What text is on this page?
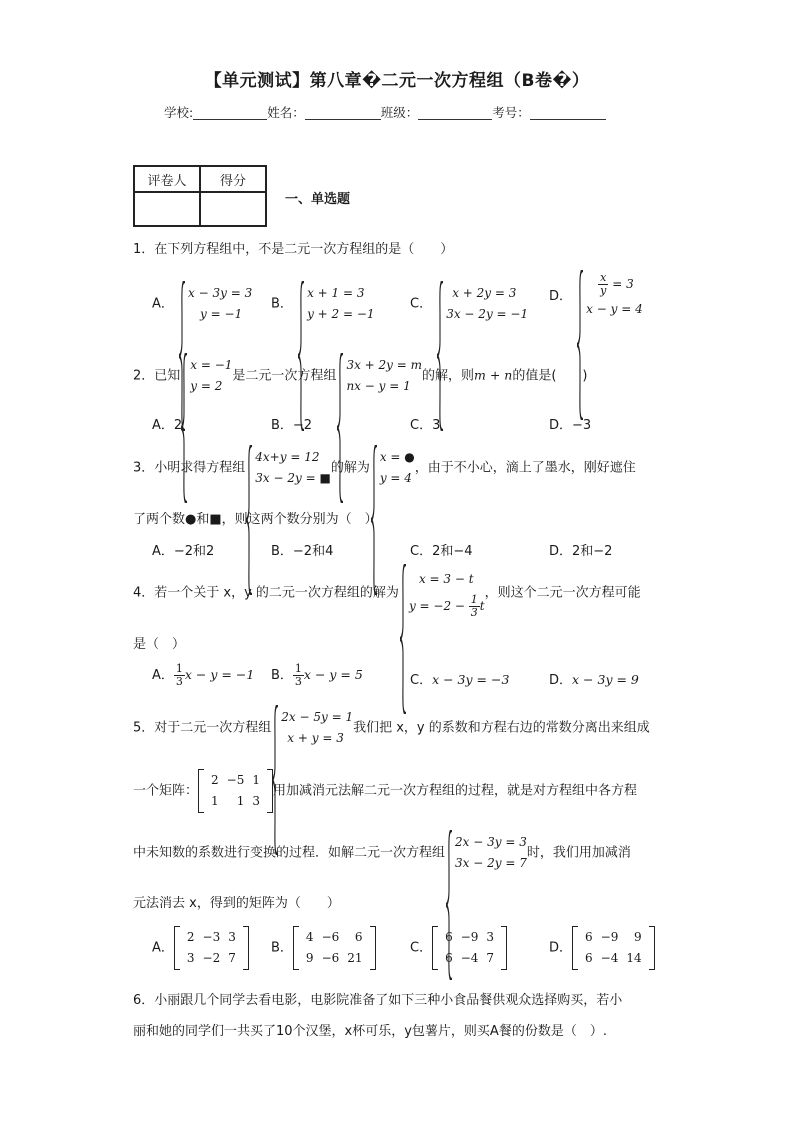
【单元测试】第八章�二元一次方程组（B卷�）
学校:	姓名：	班级：	考号：
评卷人	得分

一、单选题
1．在下列方程组中，不是二元一次方程组的是（　　）
A．
x − 3y = 3
y = −1
B．
x + 1 = 3
y + 2 = −1
C．
x + 2y = 3
3x − 2y = −1
D． $\frac{x}{y} = 3$
x − y = 4
2．已知
x = −1
y = 2
是二元一次方程组
3x + 2y = m
nx − y = 1
的解，则m + n的值是(　　)
A．2	B．−2	C．3	D．−3
3．小明求得方程组
4x+y = 12
3x − 2y = ■
的解为
x = ●
y = 4
，由于不小心，滴上了墨水，刚好遮住
了两个数●和■，则这两个数分别为（　）
A．−2和2	B．−2和4	C．2和−4	D．2和−2
4．若一个关于 x，y 的二元一次方程组的解为
x = 3 − t
$y = -2 - \frac{1}{3}$ t
，则这个二元一次方程可能
是（　）
A． $\frac{1}{3}$ x − y = −1 B． $\frac{1}{3}$ x − y = 5	C．x − 3y = −3	D．x − 3y = 9
5．对于二元一次方程组
2x − 5y = 1
x + y = 3
我们把 x，y 的系数和方程右边的常数分离出来组成
一个矩阵：
2	−5	1
1	1	3
用加减消元法解二元一次方程组的过程，就是对方程组中各方程
中未知数的系数进行变换的过程．如解二元一次方程组
2x − 3y = 3
3x − 2y = 7
时，我们用加减消
元法消去 x，得到的矩阵为（　　）
A．
2	−3	3
3	−2	7
B．
4	−6	6
9	−6	21
C．
6	−9	3
6	−4	7
D．
6	−9	9
6	−4	14
6．小丽跟几个同学去看电影，电影院准备了如下三种小食品餐供观众选择购买，若小
丽和她的同学们一共买了10个汉堡，x杯可乐，y包薯片，则买A餐的份数是（　）.
